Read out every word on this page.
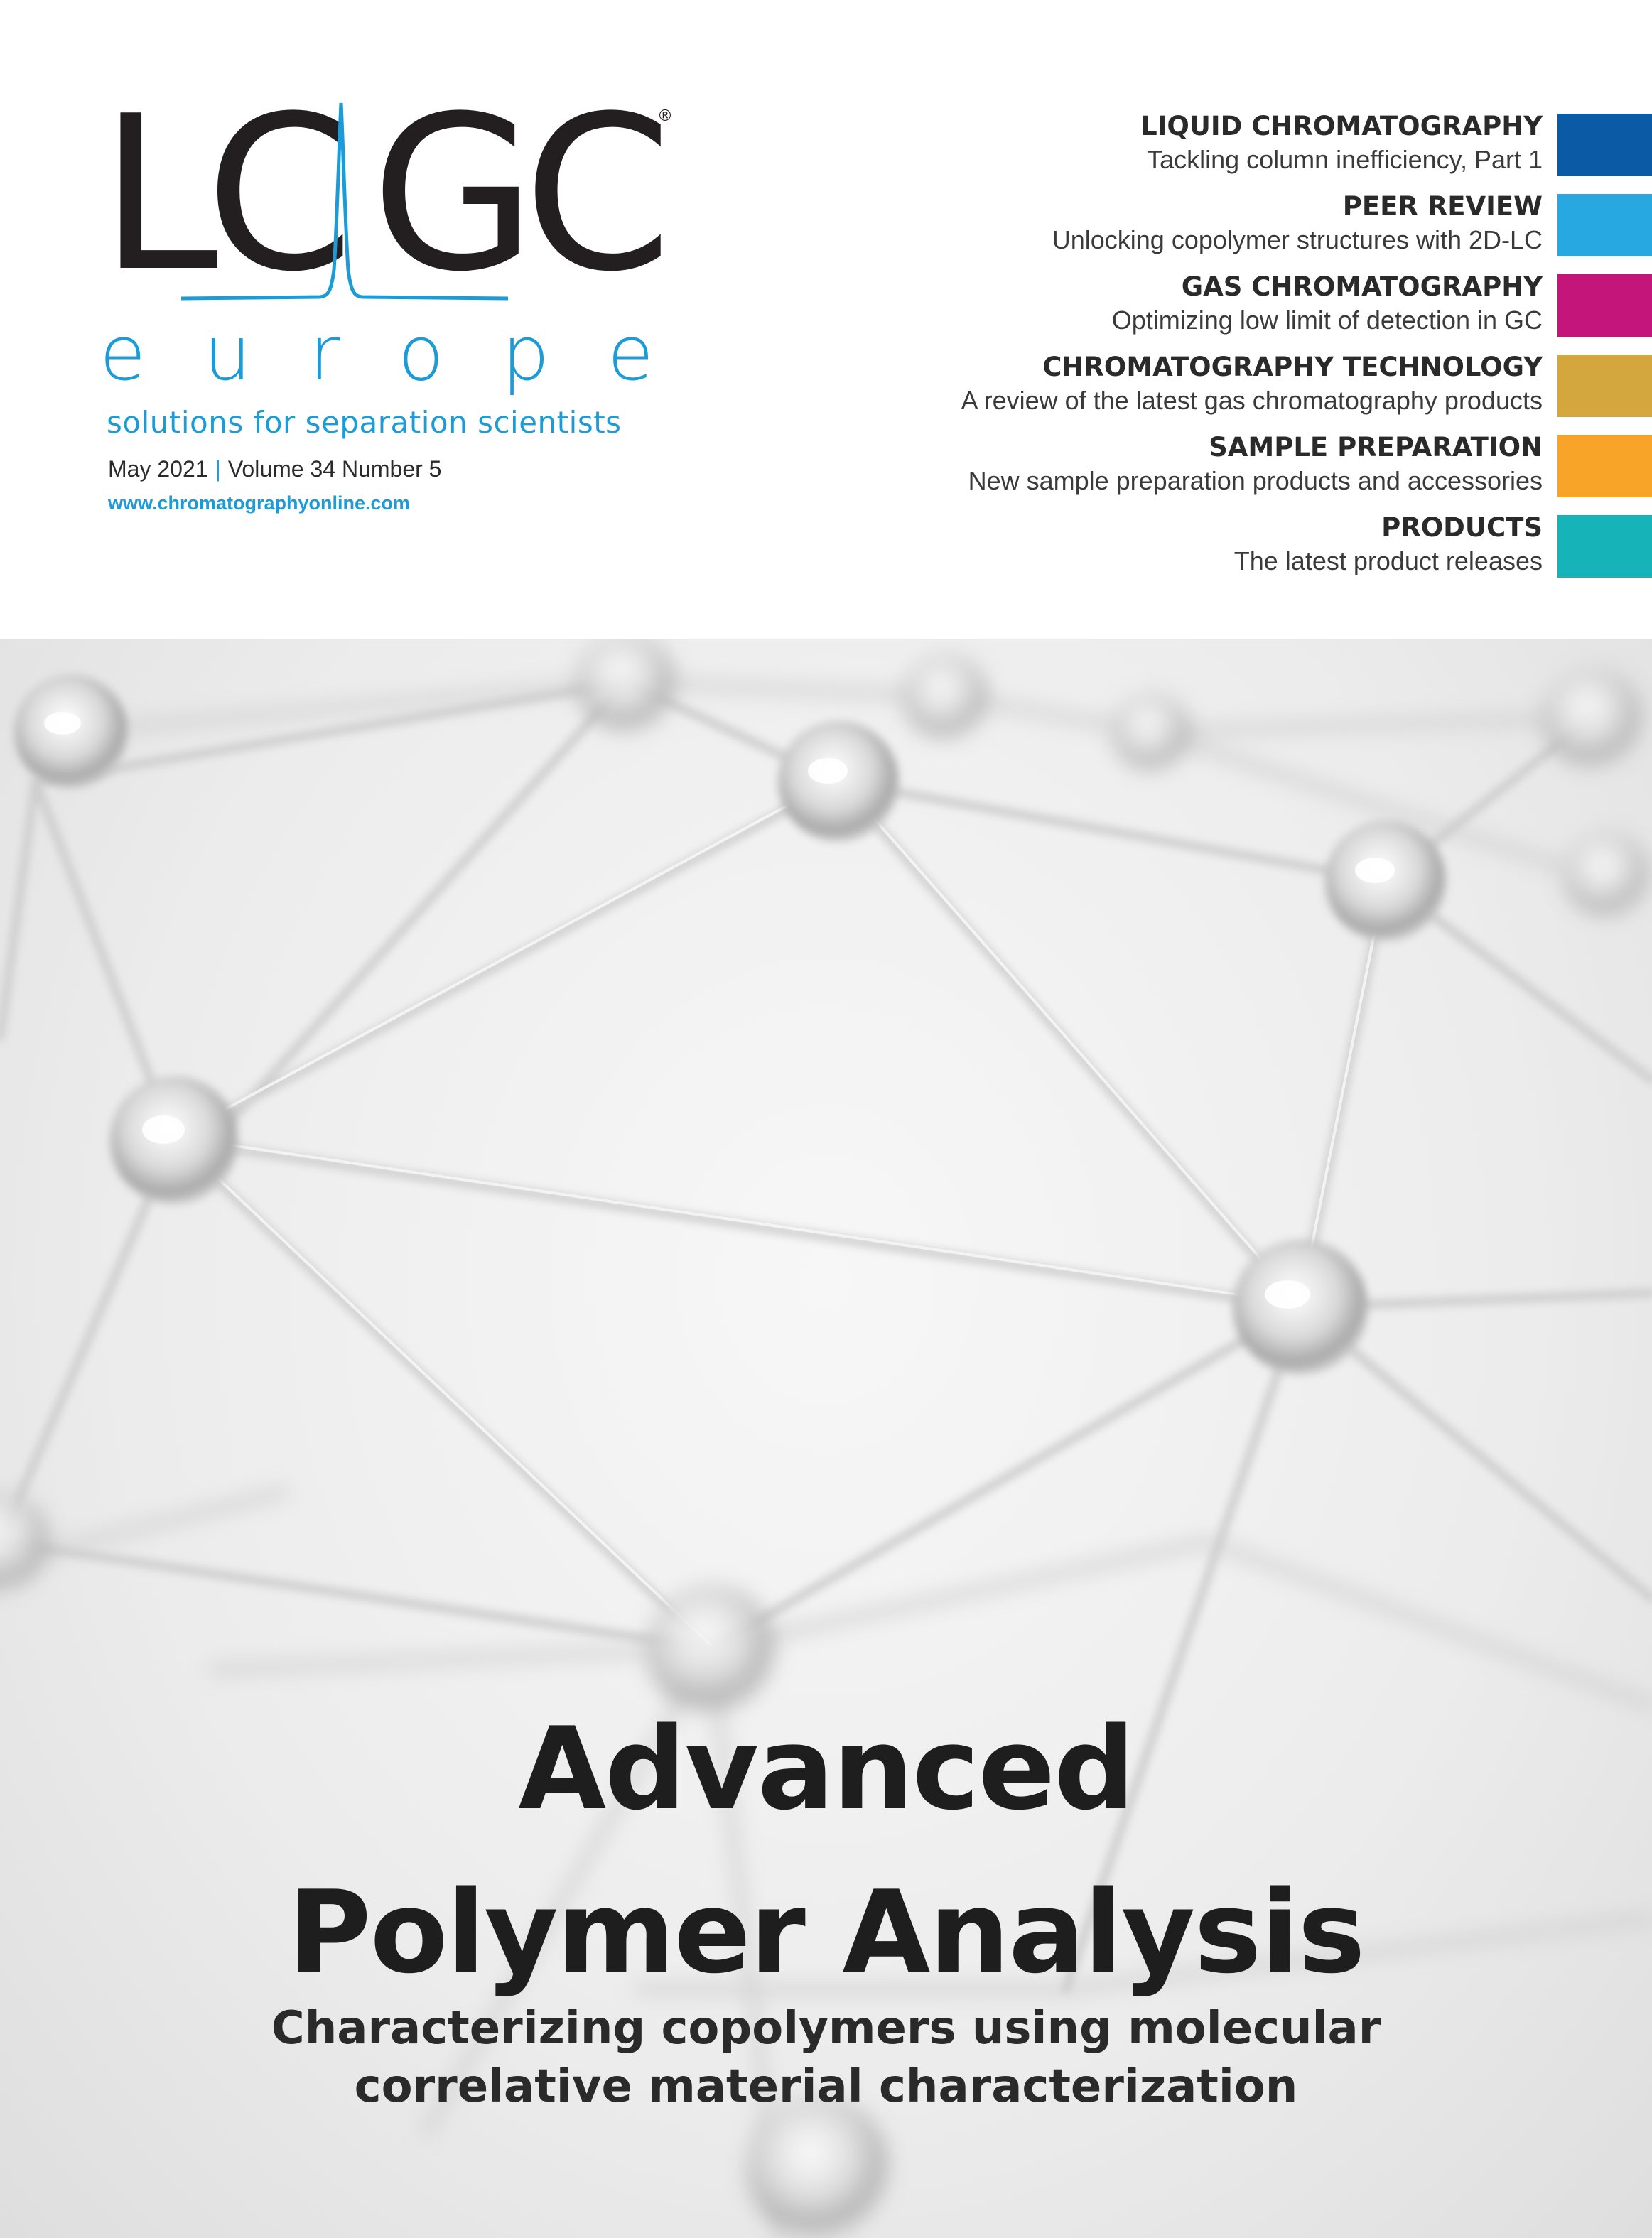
LC GC
®
e u r o p e
solutions for separation scientists
May 2021 | Volume 34 Number 5
www.chromatographyonline.com
LIQUID CHROMATOGRAPHY
Tackling column inefficiency, Part 1
PEER REVIEW
Unlocking copolymer structures with 2D-LC
GAS CHROMATOGRAPHY
Optimizing low limit of detection in GC
CHROMATOGRAPHY TECHNOLOGY
A review of the latest gas chromatography products
SAMPLE PREPARATION
New sample preparation products and accessories
PRODUCTS
The latest product releases
Advanced
Polymer Analysis
Characterizing copolymers using molecular
correlative material characterization
